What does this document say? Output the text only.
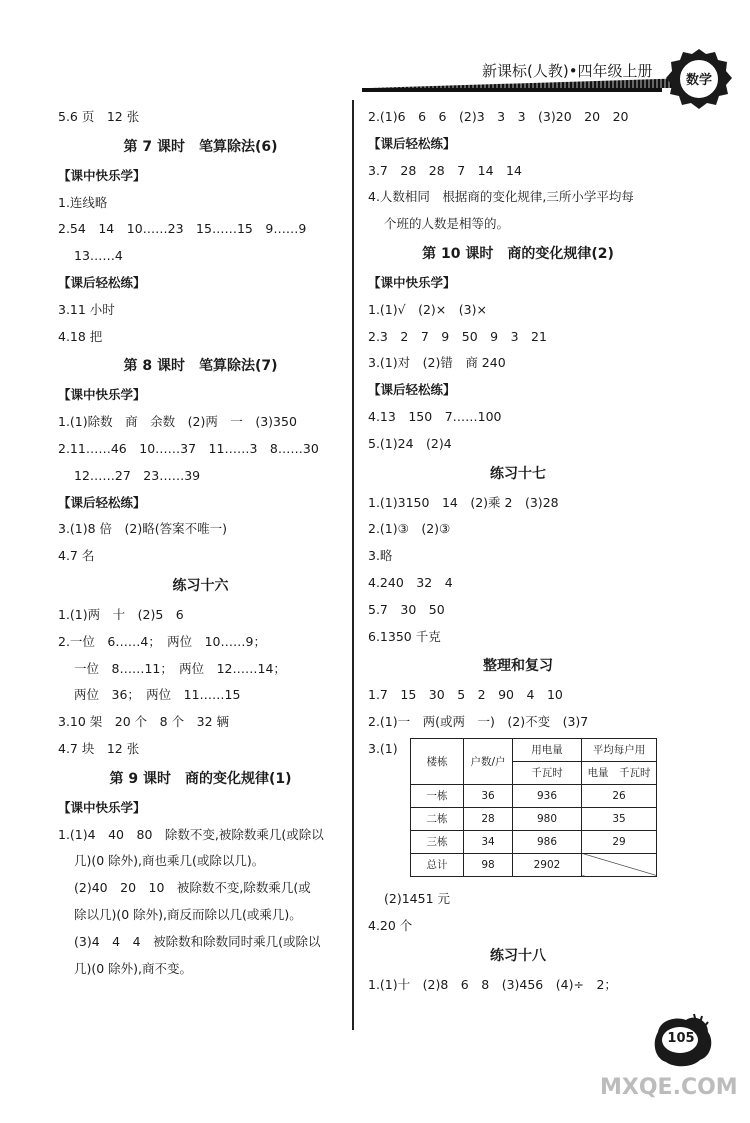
新课标(人教)•四年级上册
数学
5.6 页　12 张
第 7 课时　笔算除法(6)
【课中快乐学】
1.连线略
2.54　14　10……23　15……15　9……9
13……4
【课后轻松练】
3.11 小时
4.18 把
第 8 课时　笔算除法(7)
【课中快乐学】
1.(1)除数　商　余数　(2)两　一　(3)350
2.11……46　10……37　11……3　8……30
12……27　23……39
【课后轻松练】
3.(1)8 倍　(2)略(答案不唯一)
4.7 名
练习十六
1.(1)两　十　(2)5　6
2.一位　6……4；　两位　10……9；
一位　8……11；　两位　12……14；
两位　36；　两位　11……15
3.10 架　20 个　8 个　32 辆
4.7 块　12 张
第 9 课时　商的变化规律(1)
【课中快乐学】
1.(1)4　40　80　除数不变,被除数乘几(或除以
几)(0 除外),商也乘几(或除以几)。
(2)40　20　10　被除数不变,除数乘几(或
除以几)(0 除外),商反而除以几(或乘几)。
(3)4　4　4　被除数和除数同时乘几(或除以
几)(0 除外),商不变。
2.(1)6　6　6　(2)3　3　3　(3)20　20　20
【课后轻松练】
3.7　28　28　7　14　14
4.人数相同　根据商的变化规律,三所小学平均每
个班的人数是相等的。
第 10 课时　商的变化规律(2)
【课中快乐学】
1.(1)√　(2)×　(3)×
2.3　2　7　9　50　9　3　21
3.(1)对　(2)错　商 240
【课后轻松练】
4.13　150　7……100
5.(1)24　(2)4
练习十七
1.(1)3150　14　(2)乘 2　(3)28
2.(1)③　(2)③
3.略
4.240　32　4
5.7　30　50
6.1350 千克
整理和复习
1.7　15　30　5　2　90　4　10
2.(1)一　两(或两　一)　(2)不变　(3)7
3.(1)
楼栋	户数/户	用电量	平均每户用
		千瓦时	电量　千瓦时
一栋	36	936	26
二栋	28	980	35
三栋	34	986	29
总计	98	2902	
(2)1451 元
4.20 个
练习十八
1.(1)十　(2)8　6　8　(3)456　(4)÷　2；
105
MXQE.COM
